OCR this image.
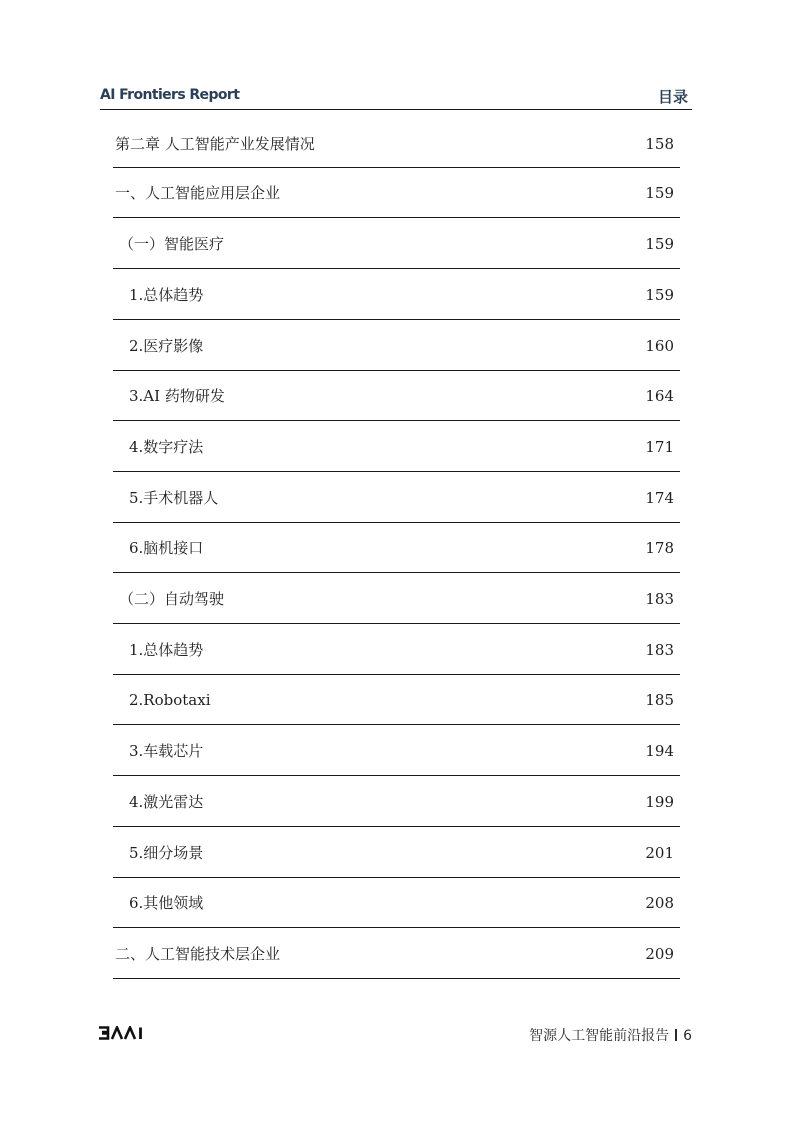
AI Frontiers Report	目录
第二章 人工智能产业发展情况	158
一、人工智能应用层企业	159
（一）智能医疗	159
1.总体趋势	159
2.医疗影像	160
3.AI 药物研发	164
4.数字疗法	171
5.手术机器人	174
6.脑机接口	178
（二）自动驾驶	183
1.总体趋势	183
2.Robotaxi	185
3.车载芯片	194
4.激光雷达	199
5.细分场景	201
6.其他领域	208
二、人工智能技术层企业	209
智源人工智能前沿报告 6
